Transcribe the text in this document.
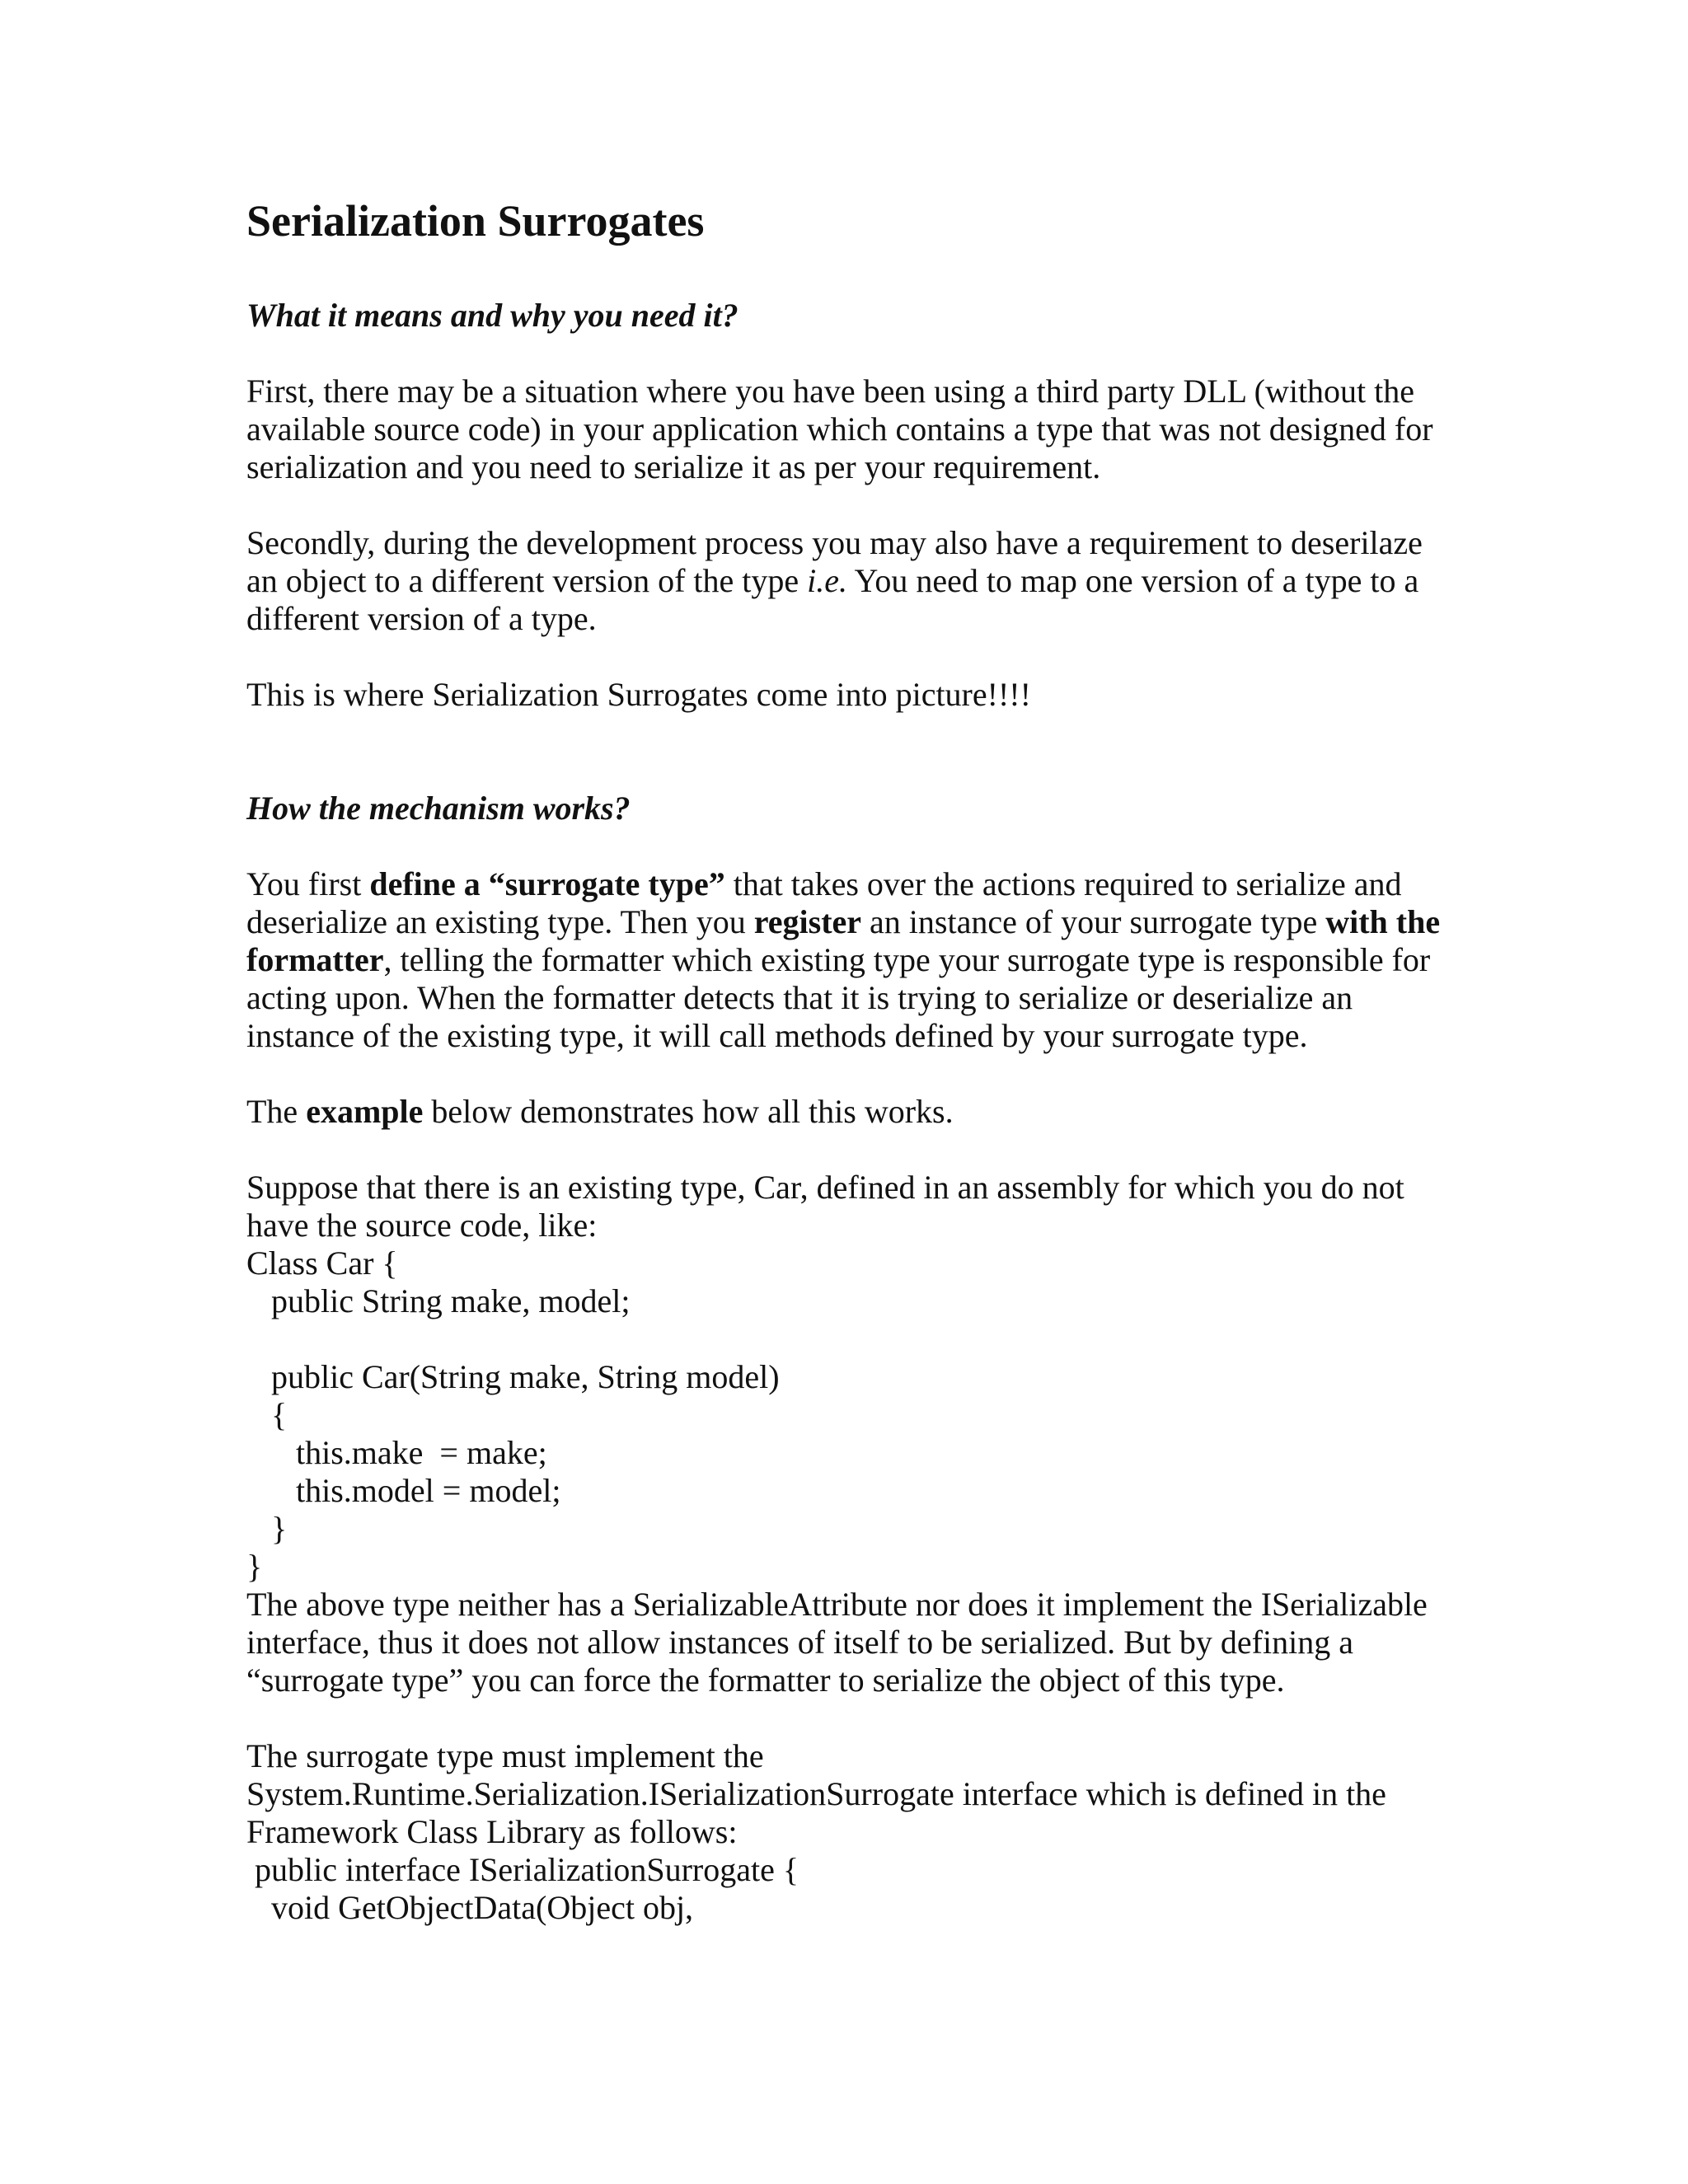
Serialization Surrogates

What it means and why you need it?

First, there may be a situation where you have been using a third party DLL (without the available source code) in your application which contains a type that was not designed for serialization and you need to serialize it as per your requirement.

Secondly, during the development process you may also have a requirement to deserilaze an object to a different version of the type i.e. You need to map one version of a type to a different version of a type.

This is where Serialization Surrogates come into picture!!!!

How the mechanism works?

You first define a “surrogate type” that takes over the actions required to serialize and deserialize an existing type. Then you register an instance of your surrogate type with the formatter, telling the formatter which existing type your surrogate type is responsible for acting upon. When the formatter detects that it is trying to serialize or deserialize an instance of the existing type, it will call methods defined by your surrogate type.

The example below demonstrates how all this works.

Suppose that there is an existing type, Car, defined in an assembly for which you do not have the source code, like:

Class Car {
public String make, model;
public Car(String make, String model)
{
this.make  = make;
this.model = model;
}
}

The above type neither has a SerializableAttribute nor does it implement the ISerializable interface, thus it does not allow instances of itself to be serialized. But by defining a “surrogate type” you can force the formatter to serialize the object of this type.

The surrogate type must implement the
System.Runtime.Serialization.ISerializationSurrogate interface which is defined in the
Framework Class Library as follows:
public interface ISerializationSurrogate {
void GetObjectData(Object obj,
